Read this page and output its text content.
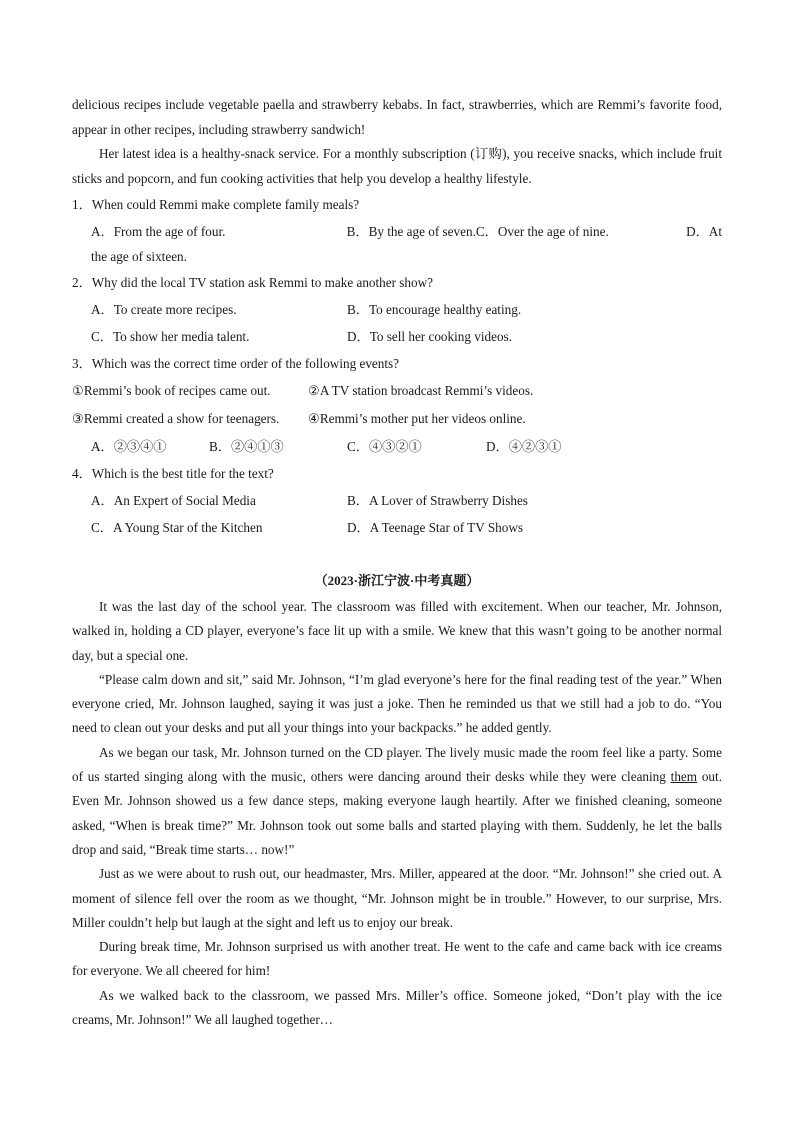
delicious recipes include vegetable paella and strawberry kebabs. In fact, strawberries, which are Remmi’s favorite food, appear in other recipes, including strawberry sandwich!

Her latest idea is a healthy-snack service. For a monthly subscription (订购), you receive snacks, which include fruit sticks and popcorn, and fun cooking activities that help you develop a healthy lifestyle.

1．When could Remmi make complete family meals?

A．From the age of four.	B．By the age of seven.C．Over the age of nine.	D．At
the age of sixteen.

2．Why did the local TV station ask Remmi to make another show?

A．To create more recipes.	B．To encourage healthy eating.
C．To show her media talent.	D．To sell her cooking videos.

3．Which was the correct time order of the following events?

①Remmi’s book of recipes came out.	②A TV station broadcast Remmi’s videos.
③Remmi created a show for teenagers.	④Remmi’s mother put her videos online.
A．②③④①	B．②④①③	C．④③②①	D．④②③①

4．Which is the best title for the text?

A．An Expert of Social Media	B．A Lover of Strawberry Dishes
C．A Young Star of the Kitchen	D．A Teenage Star of TV Shows
（2023·浙江宁波·中考真题）

It was the last day of the school year. The classroom was filled with excitement. When our teacher, Mr. Johnson, walked in, holding a CD player, everyone’s face lit up with a smile. We knew that this wasn’t going to be another normal day, but a special one.

“Please calm down and sit,” said Mr. Johnson, “I’m glad everyone’s here for the final reading test of the year.” When everyone cried, Mr. Johnson laughed, saying it was just a joke. Then he reminded us that we still had a job to do. “You need to clean out your desks and put all your things into your backpacks.” he added gently.

As we began our task, Mr. Johnson turned on the CD player. The lively music made the room feel like a party. Some of us started singing along with the music, others were dancing around their desks while they were cleaning them out. Even Mr. Johnson showed us a few dance steps, making everyone laugh heartily. After we finished cleaning, someone asked, “When is break time?” Mr. Johnson took out some balls and started playing with them. Suddenly, he let the balls drop and said, “Break time starts… now!”

Just as we were about to rush out, our headmaster, Mrs. Miller, appeared at the door. “Mr. Johnson!” she cried out. A moment of silence fell over the room as we thought, “Mr. Johnson might be in trouble.” However, to our surprise, Mrs. Miller couldn’t help but laugh at the sight and left us to enjoy our break.

During break time, Mr. Johnson surprised us with another treat. He went to the cafe and came back with ice creams for everyone. We all cheered for him!

As we walked back to the classroom, we passed Mrs. Miller’s office. Someone joked, “Don’t play with the ice creams, Mr. Johnson!” We all laughed together…
